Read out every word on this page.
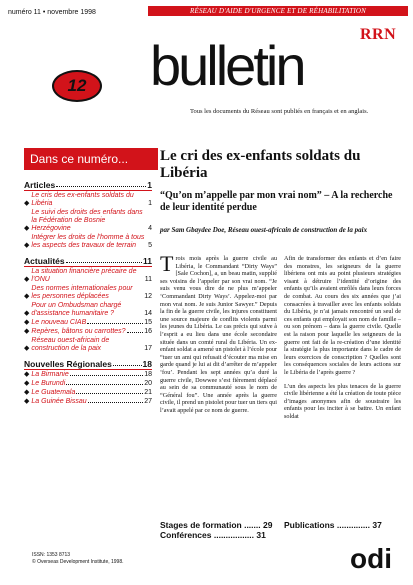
numéro 11 • novembre 1998	RÉSEAU D'AIDE D'URGENCE ET DE RÉHABILITATION
RRN
bulletin
Tous les documents du Réseau sont publiés en français et en anglais.
12
Dans ce numéro...
Articles	1
◆
Le cris des ex-enfants soldats du Libéria	1
◆
Le suivi des droits des enfants dans la Fédération de Bosnie Herzégovine	4
◆
Intégrer les droits de l'homme à tous les aspects des travaux de terrain	5
Actualités	11
◆
La situation financière précaire de l'ONU	11
◆
Des normes internationales pour les personnes déplacées	12
◆
Pour un Ombudsman chargé d'assistance humanitaire ?	14
◆ Le nouveau CIAB	15
◆ Repères, bâtons ou carrottes?	16
◆
Réseau ouest-africain de construction de la paix	17
Nouvelles Régionales	18
◆ La Birmanie	18
◆ Le Burundi	20
◆ Le Guatemala	21
◆ La Guinée Bissau	27
ISSN: 1353 8713
© Overseas Development Institute, 1998.
Le cri des ex-enfants soldats du Libéria
“Qu’on m’appelle par mon vrai nom” – A la recherche de leur identité perdue
par Sam Gbaydee Doe, Réseau ouest-africain de construction de la paix
Trois mois après la guerre civile au Libéria, le Commandant “Dirty Ways” [Sale Cochon], a, un beau matin, supplié ses voisins de l’appeler par son vrai nom. “Je suis venu vous dire de ne plus m’appeler ‘Commandant Dirty Ways’. Appelez-moi par mon vrai nom. Je suis Junior Sawyer.” Depuis la fin de la guerre civile, les injures constituent une source majeure de conflits violents parmi les jeunes du Libéria. Le cas précis qui suive à l’esprit a eu lieu dans une école secondaire située dans un comté rural du Libéria. Un ex-enfant soldat a amené un pistolet à l’école pour “tuer un ami qui refusait d’écouter ma mise en garde quand je lui ai dit d’arrêter de m’appeler ‘fou’. Pendant les sept années qu’a duré la guerre civile, Dowwee s’est fièrement déplacé au sein de sa communauté sous le nom de “Général fou”. Une année après la guerre civile, il prend un pistolet pour tuer un tiers qui l’avait appelé par ce nom de guerre.
Afin de transformer des enfants et d’en faire des monstres, les seigneurs de la guerre libériens ont mis au point plusieurs stratégies visant à détruire l’identité d’origine des enfants qu’ils avaient enrôlés dans leurs forces de combat. Au cours des six années que j’ai consacrées à travailler avec les enfants soldats du Libéria, je n’ai jamais rencontré un seul de ces enfants qui employait son nom de famille – ou son prénom – dans la guerre civile. Quelle est la raison pour laquelle les seigneurs de la guerre ont fait de la re-création d’une identité la stratégie la plus importante dans le cadre de leurs exercices de conscription ? Quelles sont les conséquences sociales de leurs actions sur le Libéria de l’après guerre ?
L’un des aspects les plus tenaces de la guerre civile libérienne a été la création de toute pièce d’images anonymes afin de soustraire les enfants pour les inciter à se battre. Un enfant soldat
Stages de formation ....... 29
Conférences ................. 31
Publications .............. 37
odi
